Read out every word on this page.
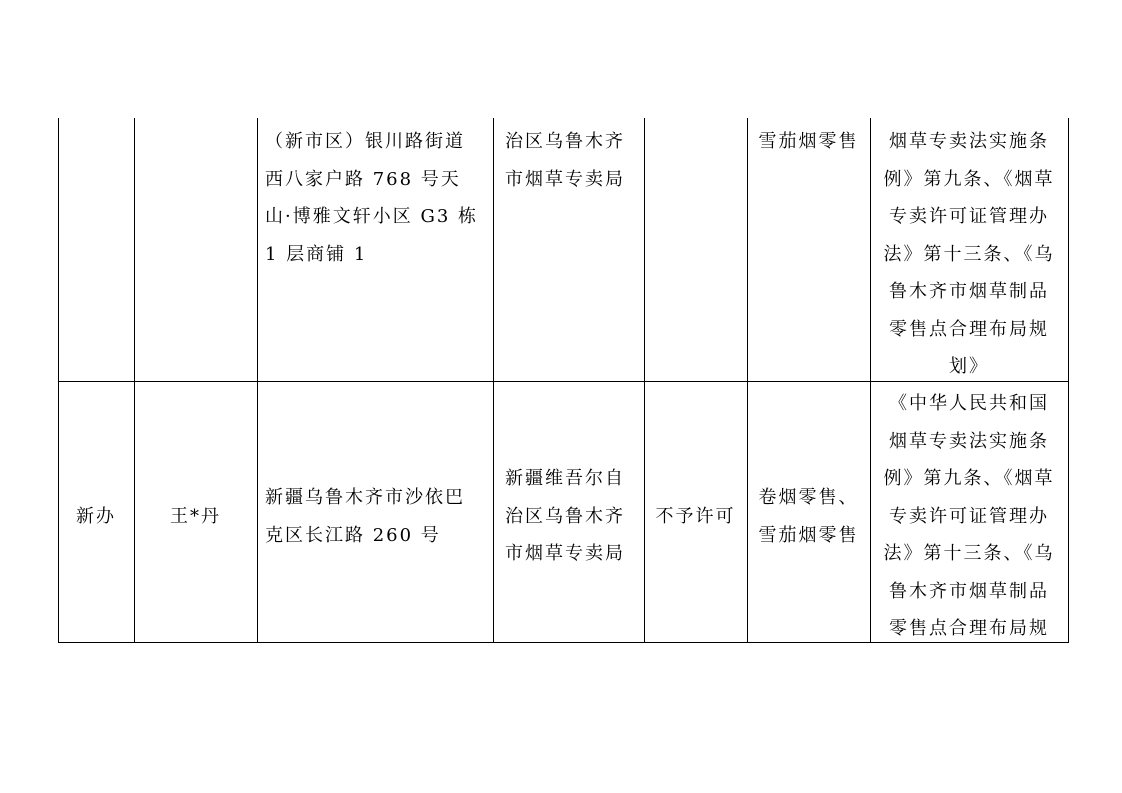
（新市区）银川路街道
西八家户路 768 号天
山·博雅文轩小区 G3 栋
1 层商铺 1
治区乌鲁木齐
市烟草专卖局
雪茄烟零售	烟草专卖法实施条
例》第九条、《烟草
专卖许可证管理办
法》第十三条、《乌
鲁木齐市烟草制品
零售点合理布局规
划》
新办	王*丹
新疆乌鲁木齐市沙依巴
克区长江路 260 号
新疆维吾尔自
治区乌鲁木齐
市烟草专卖局
不予许可
卷烟零售、
雪茄烟零售
《中华人民共和国
烟草专卖法实施条
例》第九条、《烟草
专卖许可证管理办
法》第十三条、《乌
鲁木齐市烟草制品
零售点合理布局规
